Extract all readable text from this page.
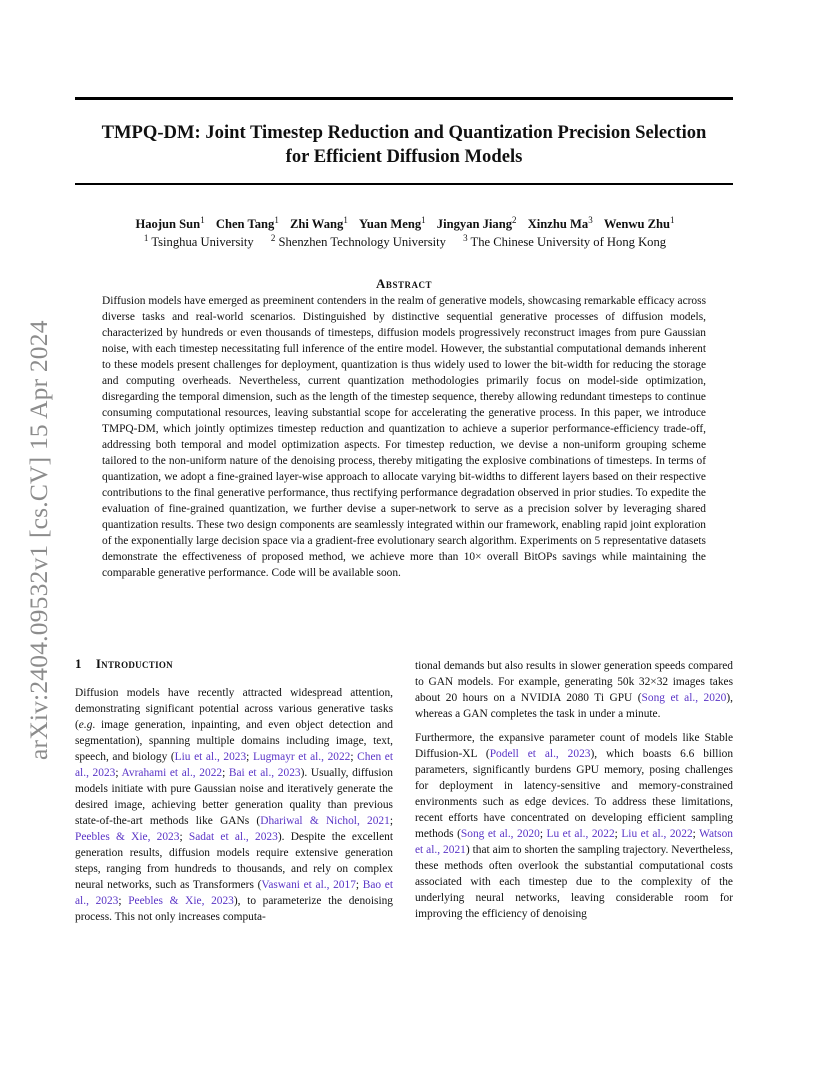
TMPQ-DM: Joint Timestep Reduction and Quantization Precision Selection
for Efficient Diffusion Models
Haojun Sun$^1$ Chen Tang$^1$ Zhi Wang$^1$ Yuan Meng$^1$ Jingyan Jiang$^2$ Xinzhu Ma$^3$ Wenwu Zhu$^1$
$^1$ Tsinghua University $^2$ Shenzhen Technology University $^3$ The Chinese University of Hong Kong
Abstract
Diffusion models have emerged as preeminent contenders in the realm of generative models, showcasing remarkable efficacy across diverse tasks and real-world scenarios. Distinguished by distinctive sequential generative processes of diffusion models, characterized by hundreds or even thousands of timesteps, diffusion models progressively reconstruct images from pure Gaussian noise, with each timestep necessitating full inference of the entire model. However, the substantial computational demands inherent to these models present challenges for deployment, quantization is thus widely used to lower the bit-width for reducing the storage and computing overheads. Nevertheless, current quantization methodologies primarily focus on model-side optimization, disregarding the temporal dimension, such as the length of the timestep sequence, thereby allowing redundant timesteps to continue consuming computational resources, leaving substantial scope for accelerating the generative process. In this paper, we introduce TMPQ-DM, which jointly optimizes timestep reduction and quantization to achieve a superior performance-efficiency trade-off, addressing both temporal and model optimization aspects. For timestep reduction, we devise a non-uniform grouping scheme tailored to the non-uniform nature of the denoising process, thereby mitigating the explosive combinations of timesteps. In terms of quantization, we adopt a fine-grained layer-wise approach to allocate varying bit-widths to different layers based on their respective contributions to the final generative performance, thus rectifying performance degradation observed in prior studies. To expedite the evaluation of fine-grained quantization, we further devise a super-network to serve as a precision solver by leveraging shared quantization results. These two design components are seamlessly integrated within our framework, enabling rapid joint exploration of the exponentially large decision space via a gradient-free evolutionary search algorithm. Experiments on 5 representative datasets demonstrate the effectiveness of proposed method, we achieve more than 10× overall BitOPs savings while maintaining the comparable generative performance. Code will be available soon.
1 Introduction

Diffusion models have recently attracted widespread attention, demonstrating significant potential across various generative tasks (e.g. image generation, inpainting, and even object detection and segmentation), spanning multiple domains including image, text, speech, and biology (Liu et al., 2023; Lugmayr et al., 2022; Chen et al., 2023; Avrahami et al., 2022; Bai et al., 2023). Usually, diffusion models initiate with pure Gaussian noise and iteratively generate the desired image, achieving better generation quality than previous state-of-the-art methods like GANs (Dhariwal & Nichol, 2021; Peebles & Xie, 2023; Sadat et al., 2023). Despite the excellent generation results, diffusion models require extensive generation steps, ranging from hundreds to thousands, and rely on complex neural networks, such as Transformers (Vaswani et al., 2017; Bao et al., 2023; Peebles & Xie, 2023), to parameterize the denoising process. This not only increases computa-

tional demands but also results in slower generation speeds compared to GAN models. For example, generating 50k 32×32 images takes about 20 hours on a NVIDIA 2080 Ti GPU (Song et al., 2020), whereas a GAN completes the task in under a minute.

Furthermore, the expansive parameter count of models like Stable Diffusion-XL (Podell et al., 2023), which boasts 6.6 billion parameters, significantly burdens GPU memory, posing challenges for deployment in latency-sensitive and memory-constrained environments such as edge devices. To address these limitations, recent efforts have concentrated on developing efficient sampling methods (Song et al., 2020; Lu et al., 2022; Liu et al., 2022; Watson et al., 2021) that aim to shorten the sampling trajectory. Nevertheless, these methods often overlook the substantial computational costs associated with each timestep due to the complexity of the underlying neural networks, leaving considerable room for improving the efficiency of denoising

arXiv:2404.09532v1 [cs.CV] 15 Apr 2024
